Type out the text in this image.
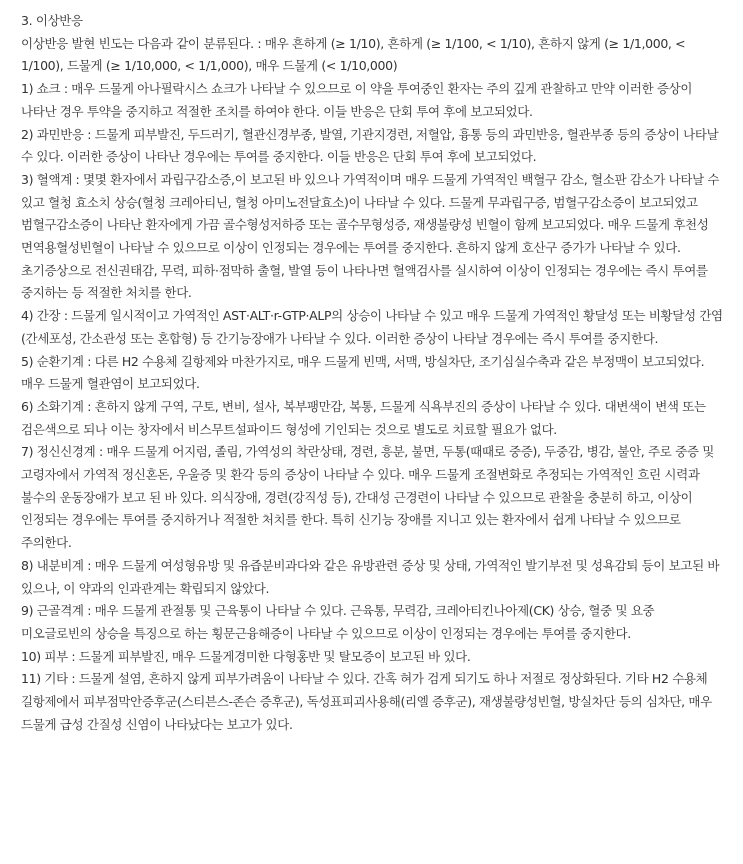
3. 이상반응

이상반응 발현 빈도는 다음과 같이 분류된다. : 매우 흔하게 (≥ 1/10), 흔하게 (≥ 1/100, < 1/10), 흔하지 않게 (≥ 1/1,000, < 1/100), 드물게 (≥ 1/10,000, < 1/1,000), 매우 드물게 (< 1/10,000)

1) 쇼크 : 매우 드물게 아나필락시스 쇼크가 나타날 수 있으므로 이 약을 투여중인 환자는 주의 깊게 관찰하고 만약 이러한 증상이 나타난 경우 투약을 중지하고 적절한 조치를 하여야 한다. 이들 반응은 단회 투여 후에 보고되었다.

2) 과민반응 : 드물게 피부발진, 두드러기, 혈관신경부종, 발열, 기관지경련, 저혈압, 흉통 등의 과민반응, 혈관부종 등의 증상이 나타날 수 있다. 이러한 증상이 나타난 경우에는 투여를 중지한다. 이들 반응은 단회 투여 후에 보고되었다.

3) 혈액계 : 몇몇 환자에서 과립구감소증,이 보고된 바 있으나 가역적이며 매우 드물게 가역적인 백혈구 감소, 혈소판 감소가 나타날 수 있고 혈청 효소치 상승(혈청 크레아티닌, 혈청 아미노전달효소)이 나타날 수 있다. 드물게 무과립구증, 범혈구감소증이 보고되었고 범혈구감소증이 나타난 환자에게 가끔 골수형성저하증 또는 골수무형성증, 재생불량성 빈혈이 함께 보고되었다. 매우 드물게 후천성 면역용혈성빈혈이 나타날 수 있으므로 이상이 인정되는 경우에는 투여를 중지한다. 흔하지 않게 호산구 증가가 나타날 수 있다. 초기증상으로 전신권태감, 무력, 피하·점막하 출혈, 발열 등이 나타나면 혈액검사를 실시하여 이상이 인정되는 경우에는 즉시 투여를 중지하는 등 적절한 처치를 한다.

4) 간장 : 드물게 일시적이고 가역적인 AST·ALT·r-GTP·ALP의 상승이 나타날 수 있고 매우 드물게 가역적인 황달성 또는 비황달성 간염(간세포성, 간소관성 또는 혼합형) 등 간기능장애가 나타날 수 있다. 이러한 증상이 나타날 경우에는 즉시 투여를 중지한다.

5) 순환기계 : 다른 H2 수용체 길항제와 마찬가지로, 매우 드물게 빈맥, 서맥, 방실차단, 조기심실수축과 같은 부정맥이 보고되었다. 매우 드물게 혈관염이 보고되었다.

6) 소화기계 : 흔하지 않게 구역, 구토, 변비, 설사, 복부팽만감, 복통, 드물게 식욕부진의 증상이 나타날 수 있다. 대변색이 변색 또는 검은색으로 되나 이는 창자에서 비스무트설파이드 형성에 기인되는 것으로 별도로 치료할 필요가 없다.

7) 정신신경계 : 매우 드물게 어지럼, 졸림, 가역성의 착란상태, 경련, 흥분, 불면, 두통(때때로 중증), 두중감, 병감, 불안, 주로 중증 및 고령자에서 가역적 정신혼돈, 우울증 및 환각 등의 증상이 나타날 수 있다. 매우 드물게 조절변화로 추정되는 가역적인 흐린 시력과 불수의 운동장애가 보고 된 바 있다. 의식장애, 경련(강직성 등), 간대성 근경련이 나타날 수 있으므로 관찰을 충분히 하고, 이상이 인정되는 경우에는 투여를 중지하거나 적절한 처치를 한다. 특히 신기능 장애를 지니고 있는 환자에서 쉽게 나타날 수 있으므로 주의한다.

8) 내분비계 : 매우 드물게 여성형유방 및 유즙분비과다와 같은 유방관련 증상 및 상태, 가역적인 발기부전 및 성욕감퇴 등이 보고된 바 있으나, 이 약과의 인과관계는 확립되지 않았다.

9) 근골격계 : 매우 드물게 관절통 및 근육통이 나타날 수 있다. 근육통, 무력감, 크레아티킨나아제(CK) 상승, 혈중 및 요중 미오글로빈의 상승을 특징으로 하는 횡문근융해증이 나타날 수 있으므로 이상이 인정되는 경우에는 투여를 중지한다.

10) 피부 : 드물게 피부발진, 매우 드물게경미한 다형홍반 및 탈모증이 보고된 바 있다.

11) 기타 : 드물게 설염, 흔하지 않게 피부가려움이 나타날 수 있다. 간혹 혀가 검게 되기도 하나 저절로 정상화된다. 기타 H2 수용체 길항제에서 피부점막안증후군(스티븐스-존슨 증후군), 독성표피괴사용해(리엘 증후군), 재생불량성빈혈, 방실차단 등의 심차단, 매우 드물게 급성 간질성 신염이 나타났다는 보고가 있다.
